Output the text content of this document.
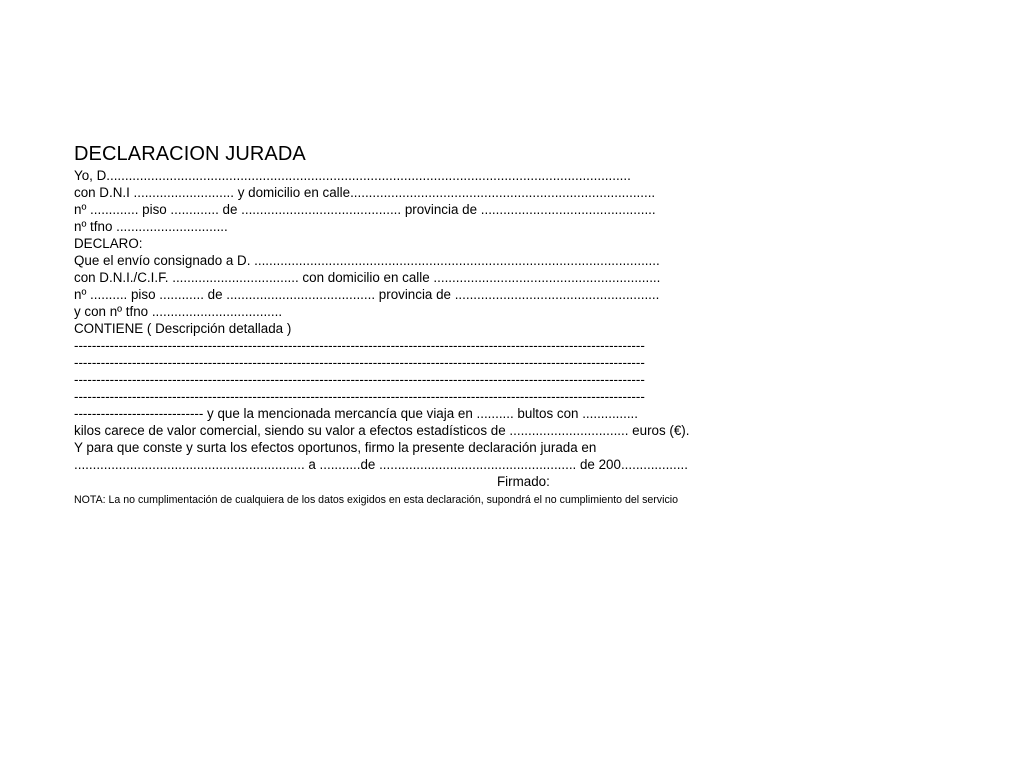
DECLARACION JURADA
Yo, D.............................................................................................................................................
con D.N.I ........................... y domicilio en calle..................................................................................
nº ............. piso ............. de ........................................... provincia de ...............................................
nº tfno ..............................
DECLARO:
Que el envío consignado a D. .............................................................................................................
con D.N.I./C.I.F. .................................. con domicilio en calle .............................................................
nº .......... piso ............ de ........................................ provincia de .......................................................
y con nº tfno ...................................
CONTIENE ( Descripción detallada )
--------------------------------------------------------------------------------------------------------------------------------
--------------------------------------------------------------------------------------------------------------------------------
--------------------------------------------------------------------------------------------------------------------------------
--------------------------------------------------------------------------------------------------------------------------------
----------------------------- y que la mencionada mercancía que viaja en .......... bultos con ...............
kilos carece de valor comercial, siendo su valor a efectos estadísticos de ................................ euros (€).
Y para que conste y surta los efectos oportunos, firmo la presente declaración jurada en
.............................................................. a ...........de ..................................................... de 200..................
Firmado:
NOTA: La no cumplimentación de cualquiera de los datos exigidos en esta declaración, supondrá el no cumplimiento del servicio
